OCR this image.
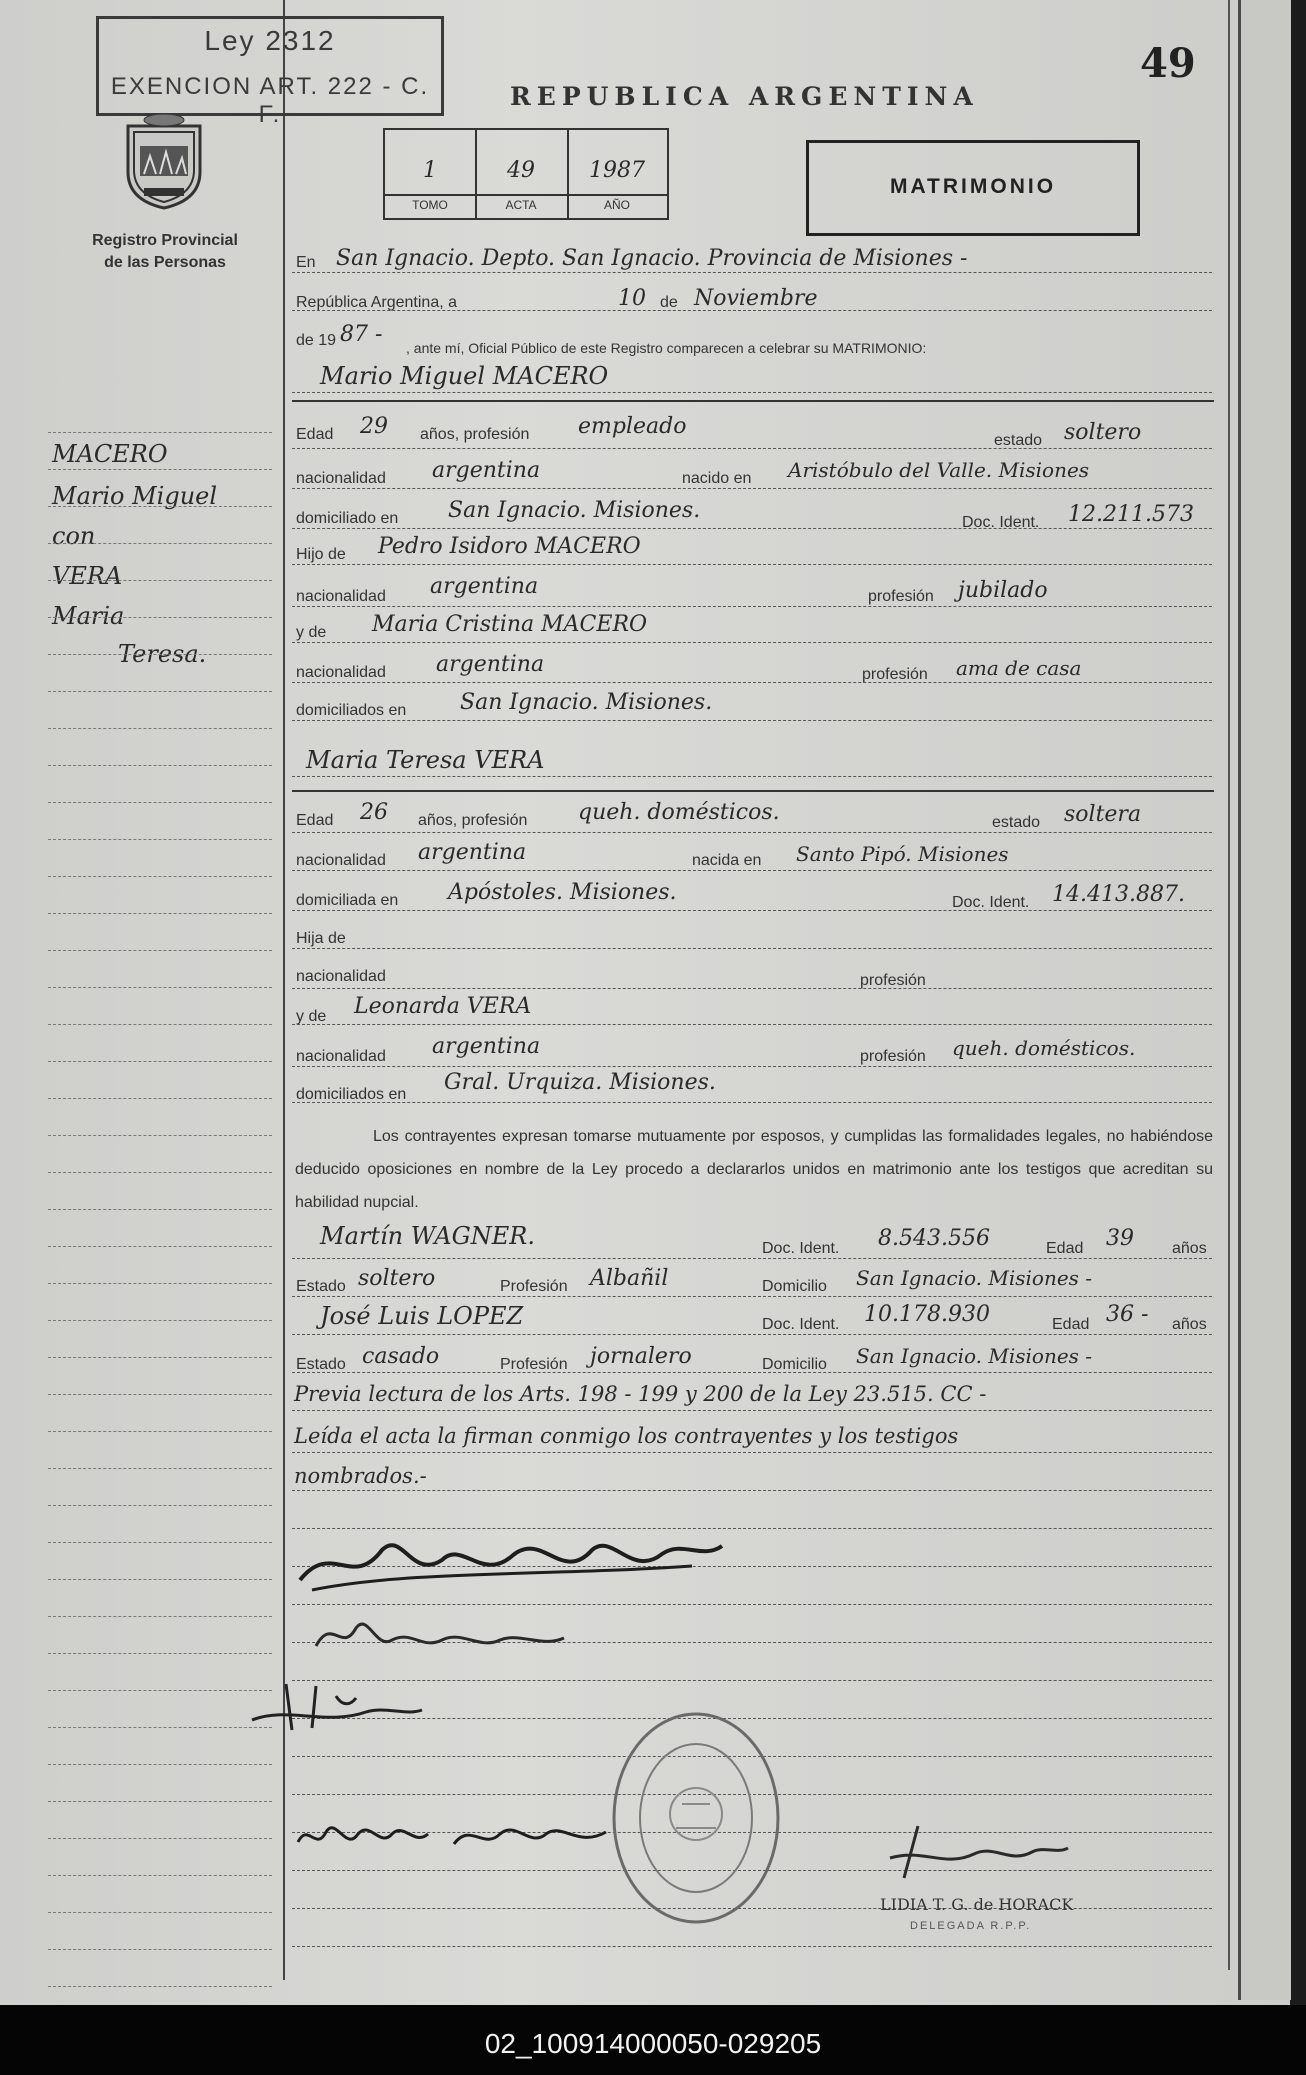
Ley 2312
EXENCION ART. 222 - C. F.
49
REPUBLICA ARGENTINA
Registro Provincial
de las Personas
1
TOMO
49
ACTA
1987
AÑO
MATRIMONIO
MACERO
Mario Miguel
con
VERA
Maria
Teresa.
En San Ignacio. Depto. San Ignacio. Provincia de Misiones -
República Argentina, a	10 de Noviembre
de 19 87 -
, ante mí, Oficial Público de este Registro comparecen a celebrar su MATRIMONIO:
Mario Miguel MACERO
Edad 29 años, profesión empleado
estado soltero
nacionalidad argentina	nacido en Aristóbulo del Valle. Misiones
domiciliado en San Ignacio. Misiones.	Doc. Ident. 12.211.573
Hijo de Pedro Isidoro MACERO
nacionalidad argentina	profesión jubilado
y de Maria Cristina MACERO
nacionalidad argentina	profesión ama de casa
domiciliados en San Ignacio. Misiones.
Maria Teresa VERA
Edad 26 años, profesión queh. domésticos.	estado soltera
nacionalidad argentina	nacida en Santo Pipó. Misiones
domiciliada en Apóstoles. Misiones.	Doc. Ident. 14.413.887.
Hija de
nacionalidad	profesión
y de Leonarda VERA
nacionalidad argentina	profesión queh. domésticos.
domiciliados en Gral. Urquiza. Misiones.
Los contrayentes expresan tomarse mutuamente por esposos, y cumplidas las formalidades legales, no habiéndose deducido oposiciones en nombre de la Ley procedo a declararlos unidos en matrimonio ante los testigos que acreditan su habilidad nupcial.
Martín WAGNER.	Doc. Ident. 8.543.556	Edad 39 años
Estado soltero	Profesión Albañil	Domicilio San Ignacio. Misiones -
José Luis LOPEZ	Doc. Ident. 10.178.930	Edad 36 - años
Estado casado	Profesión jornalero	Domicilio San Ignacio. Misiones -
Previa lectura de los Arts. 198 - 199 y 200 de la Ley 23.515. CC -
Leída el acta la firman conmigo los contrayentes y los testigos
nombrados.-
LIDIA T. G. de HORACK
DELEGADA R.P.P.
02_100914000050-029205
